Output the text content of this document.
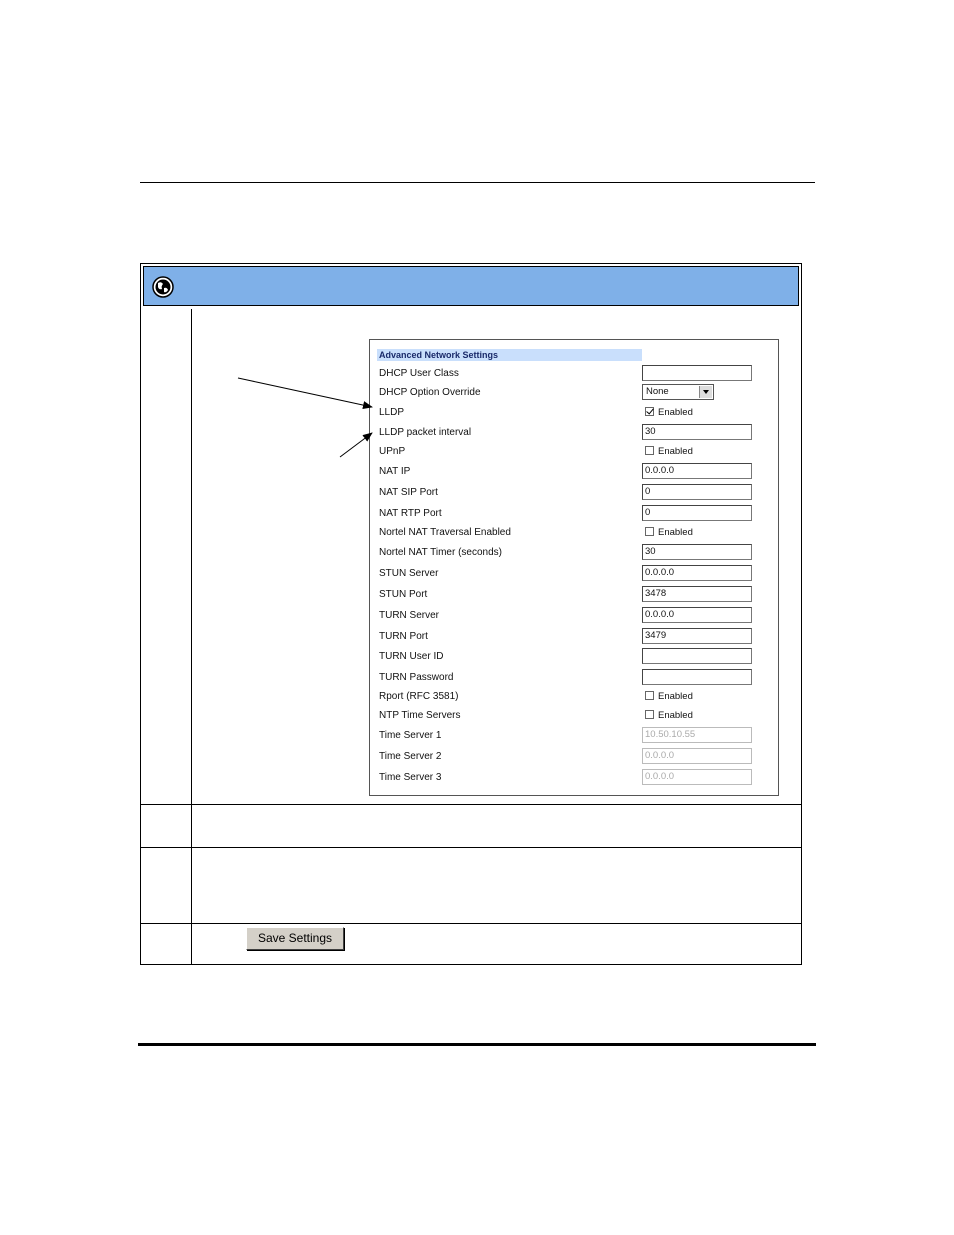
Advanced Network Settings
DHCP User Class
DHCP Option Override	None
LLDP	Enabled
LLDP packet interval	30
UPnP	Enabled
NAT IP	0.0.0.0
NAT SIP Port	0
NAT RTP Port	0
Nortel NAT Traversal Enabled	Enabled
Nortel NAT Timer (seconds)	30
STUN Server	0.0.0.0
STUN Port	3478
TURN Server	0.0.0.0
TURN Port	3479
TURN User ID
TURN Password
Rport (RFC 3581)	Enabled
NTP Time Servers	Enabled
Time Server 1	10.50.10.55
Time Server 2	0.0.0.0
Time Server 3	0.0.0.0
Save Settings
